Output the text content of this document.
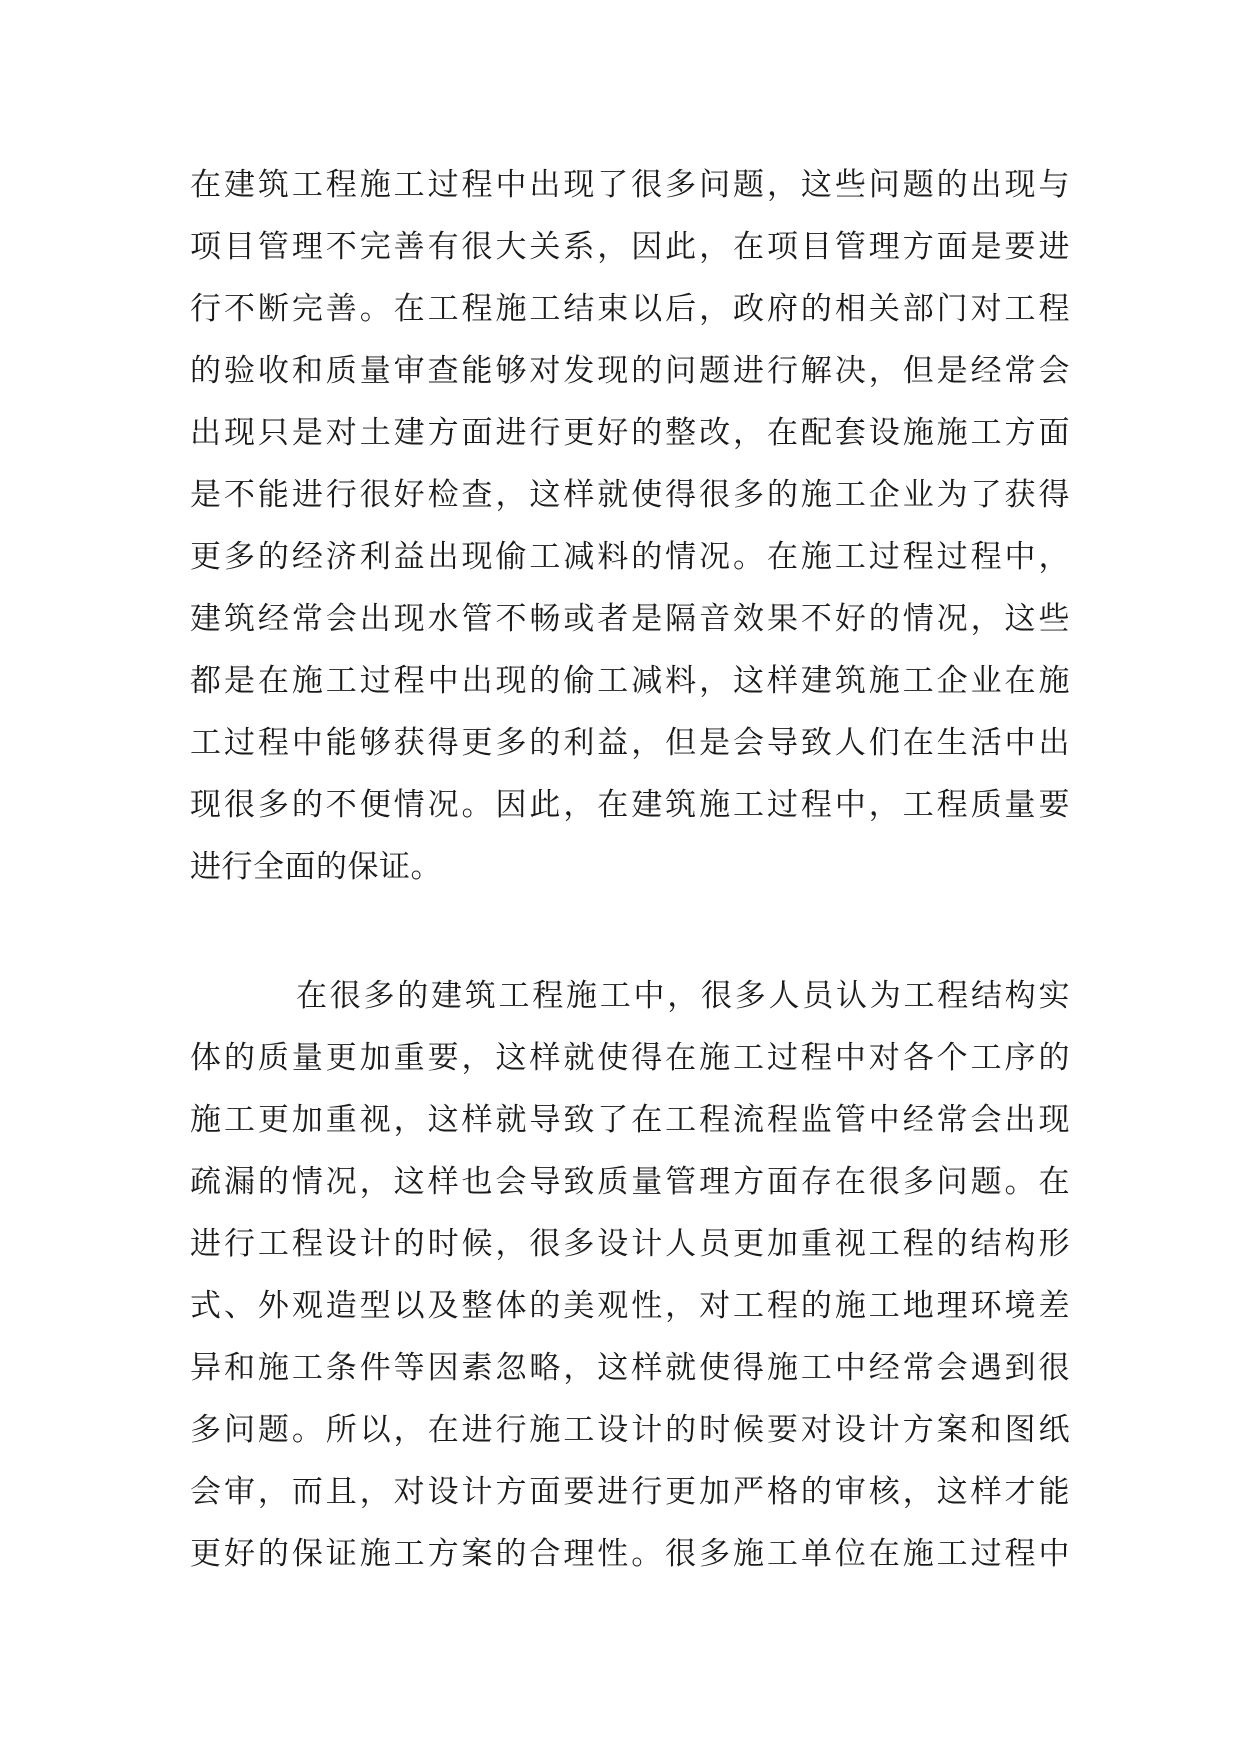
在建筑工程施工过程中出现了很多问题，这些问题的出现与
项目管理不完善有很大关系，因此，在项目管理方面是要进
行不断完善。在工程施工结束以后，政府的相关部门对工程
的验收和质量审查能够对发现的问题进行解决，但是经常会
出现只是对土建方面进行更好的整改，在配套设施施工方面
是不能进行很好检查，这样就使得很多的施工企业为了获得
更多的经济利益出现偷工减料的情况。在施工过程过程中，
建筑经常会出现水管不畅或者是隔音效果不好的情况，这些
都是在施工过程中出现的偷工减料，这样建筑施工企业在施
工过程中能够获得更多的利益，但是会导致人们在生活中出
现很多的不便情况。因此，在建筑施工过程中，工程质量要
进行全面的保证。
在很多的建筑工程施工中，很多人员认为工程结构实
体的质量更加重要，这样就使得在施工过程中对各个工序的
施工更加重视，这样就导致了在工程流程监管中经常会出现
疏漏的情况，这样也会导致质量管理方面存在很多问题。在
进行工程设计的时候，很多设计人员更加重视工程的结构形
式、外观造型以及整体的美观性，对工程的施工地理环境差
异和施工条件等因素忽略，这样就使得施工中经常会遇到很
多问题。所以，在进行施工设计的时候要对设计方案和图纸
会审，而且，对设计方面要进行更加严格的审核，这样才能
更好的保证施工方案的合理性。很多施工单位在施工过程中
